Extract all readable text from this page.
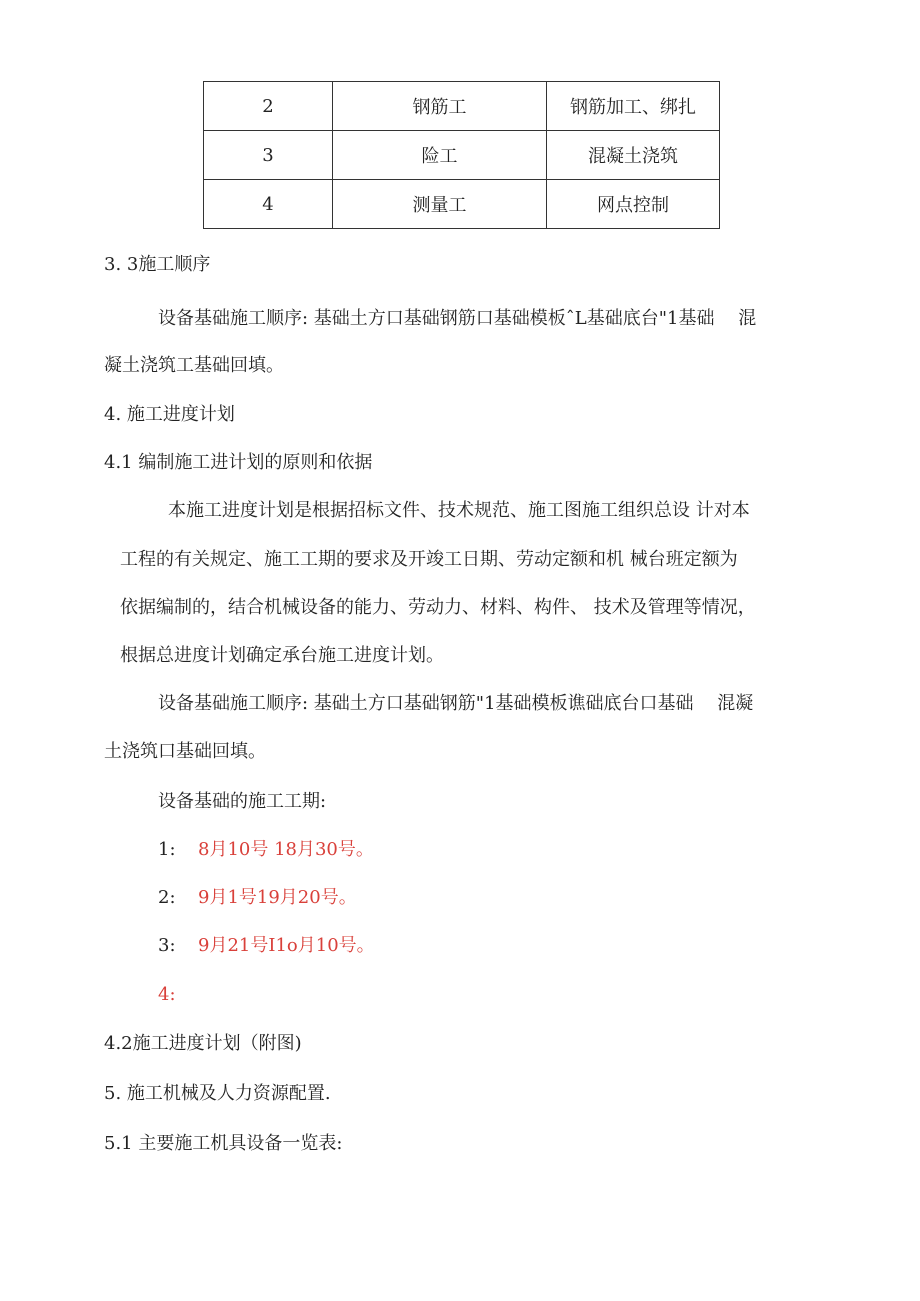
2	钢筋工	钢筋加工、绑扎
3	险工	混凝土浇筑
4	测量工	网点控制
3. 3施工顺序
设备基础施工顺序: 基础土方口基础钢筋口基础模板ˆL基础底台"1基础　 混
凝土浇筑工基础回填。
4. 施工进度计划
4.1 编制施工进计划的原则和依据
本施工进度计划是根据招标文件、技术规范、施工图施工组织总设 计对本
工程的有关规定、施工工期的要求及开竣工日期、劳动定额和机 械台班定额为
依据编制的，结合机械设备的能力、劳动力、材料、构件、 技术及管理等情况，
根据总进度计划确定承台施工进度计划。
设备基础施工顺序: 基础土方口基础钢筋"1基础模板谯础底台口基础　 混凝
土浇筑口基础回填。
设备基础的施工工期:
1: 8月10号 18月30号。
2: 9月1号19月20号。
3: 9月21号I1o月10号。
4:
4.2施工进度计划（附图)
5. 施工机械及人力资源配置.
5.1 主要施工机具设备一览表:
